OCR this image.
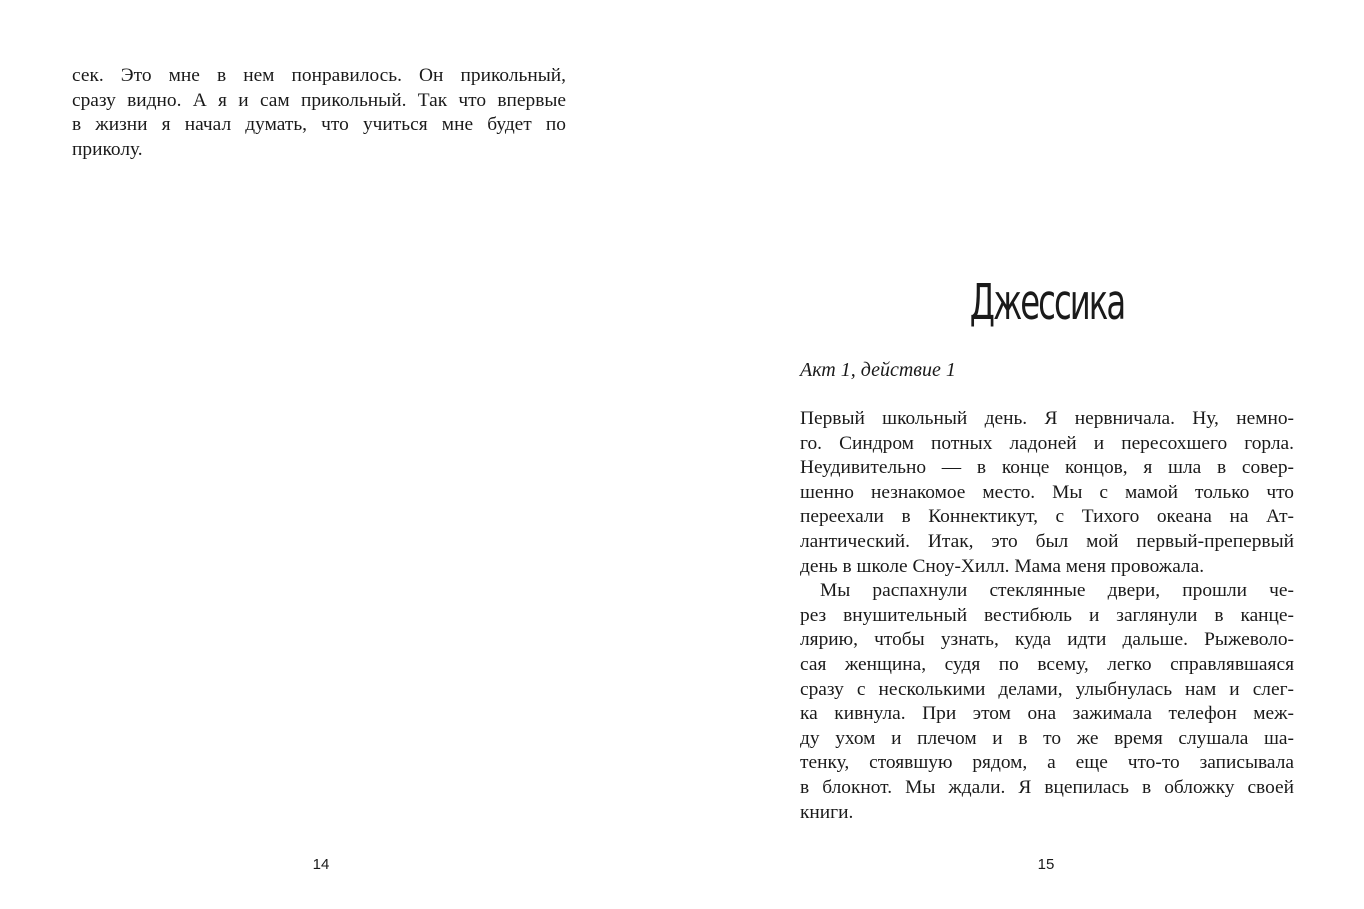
сек. Это мне в нем понравилось. Он прикольный,
сразу видно. А я и сам прикольный. Так что впервые
в жизни я начал думать, что учиться мне будет по
приколу.
14
Джессика
Акт 1, действие 1
Первый школьный день. Я нервничала. Ну, немно-
го. Синдром потных ладоней и пересохшего горла.
Неудивительно — в конце концов, я шла в совер-
шенно незнакомое место. Мы с мамой только что
переехали в Коннектикут, с Тихого океана на Ат-
лантический. Итак, это был мой первый-препервый
день в школе Сноу-Хилл. Мама меня провожала.
Мы распахнули стеклянные двери, прошли че-
рез внушительный вестибюль и заглянули в канце-
лярию, чтобы узнать, куда идти дальше. Рыжеволо-
сая женщина, судя по всему, легко справлявшаяся
сразу с несколькими делами, улыбнулась нам и слег-
ка кивнула. При этом она зажимала телефон меж-
ду ухом и плечом и в то же время слушала ша-
тенку, стоявшую рядом, а еще что-то записывала
в блокнот. Мы ждали. Я вцепилась в обложку своей
книги.
15
